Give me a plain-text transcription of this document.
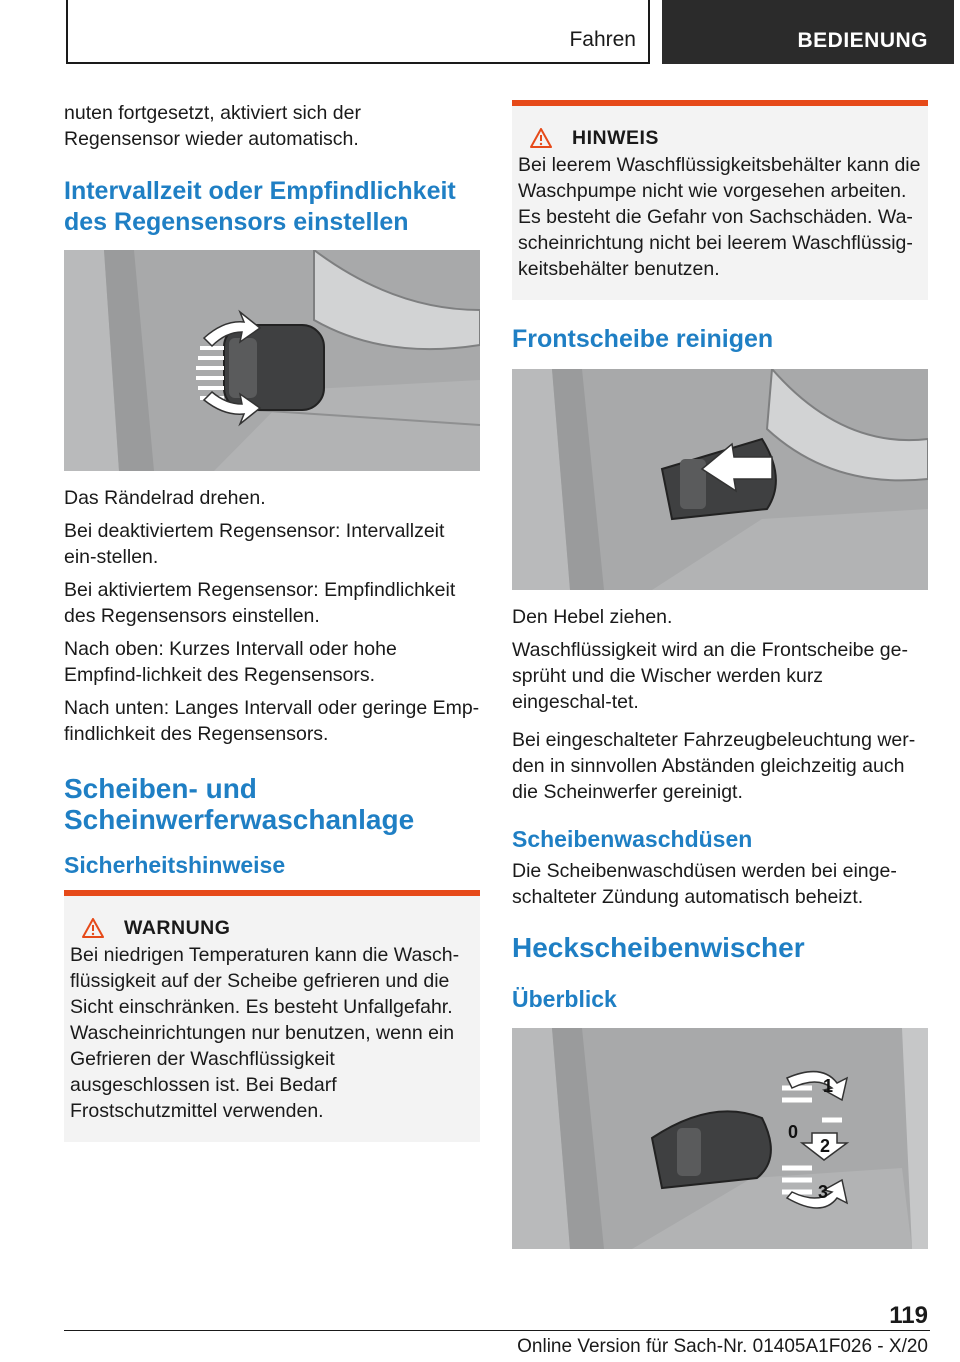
Fahren	BEDIENUNG

nuten fortgesetzt, aktiviert sich der Regensensor wieder automatisch.

Intervallzeit oder Empfindlichkeit des Regensensors einstellen

Das Rändelrad drehen.

Bei deaktiviertem Regensensor: Intervallzeit ein-stellen.

Bei aktiviertem Regensensor: Empfindlichkeit des Regensensors einstellen.

Nach oben: Kurzes Intervall oder hohe Empfind-lichkeit des Regensensors.

Nach unten: Langes Intervall oder geringe Emp-findlichkeit des Regensensors.

Scheiben- und Scheinwerferwaschanlage
Sicherheitshinweise
WARNUNG

Bei niedrigen Temperaturen kann die Wasch-flüssigkeit auf der Scheibe gefrieren und die Sicht einschränken. Es besteht Unfallgefahr. Wascheinrichtungen nur benutzen, wenn ein Gefrieren der Waschflüssigkeit ausgeschlossen ist. Bei Bedarf Frostschutzmittel verwenden.

HINWEIS

Bei leerem Waschflüssigkeitsbehälter kann die Waschpumpe nicht wie vorgesehen arbeiten. Es besteht die Gefahr von Sachschäden. Wa-scheinrichtung nicht bei leerem Waschflüssig-keitsbehälter benutzen.

Frontscheibe reinigen

Den Hebel ziehen.

Waschflüssigkeit wird an die Frontscheibe ge-sprüht und die Wischer werden kurz eingeschal-tet.

Bei eingeschalteter Fahrzeugbeleuchtung wer-den in sinnvollen Abständen gleichzeitig auch die Scheinwerfer gereinigt.

Scheibenwaschdüsen

Die Scheibenwaschdüsen werden bei einge-schalteter Zündung automatisch beheizt.

Heckscheibenwischer
Überblick
1
0
2
3
119
Online Version für Sach-Nr. 01405A1F026 - X/20
